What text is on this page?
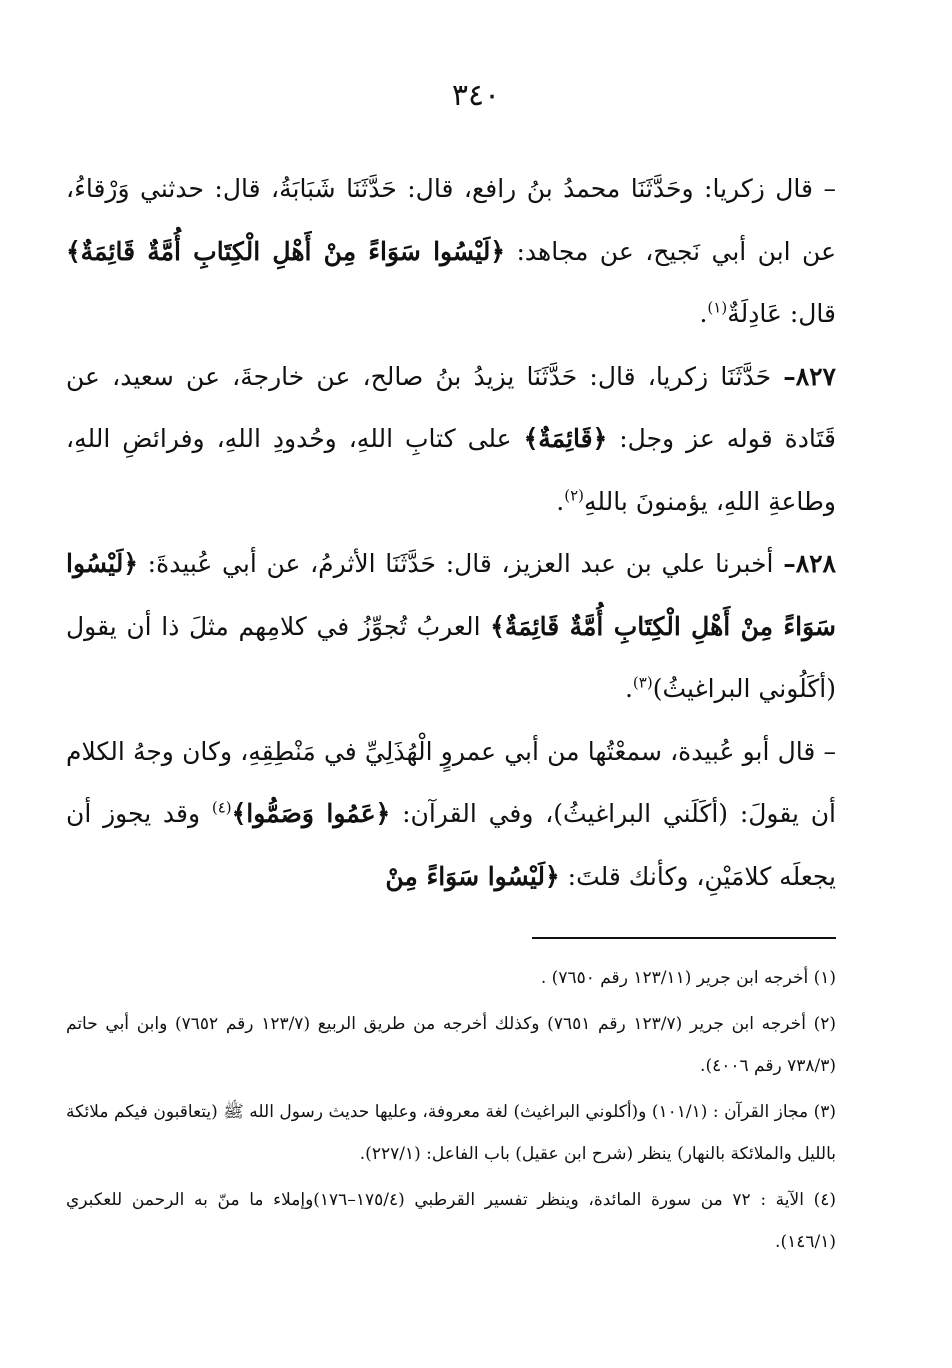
٣٤٠

– قال زكريا: وحَدَّثَنَا محمدُ بنُ رافع، قال: حَدَّثَنَا شَبَابَةُ، قال: حدثني وَرْقاءُ، عن ابن أبي نَجيح، عن مجاهد: ﴿لَيْسُوا سَوَاءً مِنْ أَهْلِ الْكِتَابِ أُمَّةٌ قَائِمَةٌ﴾ قال: عَادِلَةٌ$^{(١)}$.

٨٢٧– حَدَّثَنَا زكريا، قال: حَدَّثَنَا يزيدُ بنُ صالح، عن خارجةَ، عن سعيد، عن قَتَادة قوله عز وجل: ﴿قَائِمَةٌ﴾ على كتابِ اللهِ، وحُدودِ اللهِ، وفرائضِ اللهِ، وطاعةِ اللهِ، يؤمنونَ باللهِ$^{(٢)}$.

٨٢٨– أخبرنا علي بن عبد العزيز، قال: حَدَّثَنَا الأثرمُ، عن أبي عُبيدةَ: ﴿لَيْسُوا سَوَاءً مِنْ أَهْلِ الْكِتَابِ أُمَّةٌ قَائِمَةٌ﴾ العربُ تُجوِّزُ في كلامِهم مثلَ ذا أن يقول (أكَلُوني البراغيثُ)$^{(٣)}$.

– قال أبو عُبيدة، سمعْتُها من أبي عمروٍ الْهُذَلِيِّ في مَنْطِقِهِ، وكان وجهُ الكلام أن يقولَ: (أكَلَني البراغيثُ)، وفي القرآن: ﴿عَمُوا وَصَمُّوا﴾$^{(٤)}$ وقد يجوز أن يجعلَه كلامَيْنِ، وكأنك قلتَ: ﴿لَيْسُوا سَوَاءً مِنْ

(١) أخرجه ابن جرير (١٢٣/١١ رقم ٧٦٥٠) .

(٢) أخرجه ابن جرير (١٢٣/٧ رقم ٧٦٥١) وكذلك أخرجه من طريق الربيع (١٢٣/٧ رقم ٧٦٥٢) وابن أبي حاتم (٧٣٨/٣ رقم ٤٠٠٦).

(٣) مجاز القرآن : (١٠١/١) و(أكلوني البراغيث) لغة معروفة، وعليها حديث رسول الله ﷺ (يتعاقبون فيكم ملائكة بالليل والملائكة بالنهار) ينظر (شرح ابن عقيل) باب الفاعل: (٢٢٧/١).

(٤) الآية : ٧٢ من سورة المائدة، وينظر تفسير القرطبي (١٧٥/٤–١٧٦)وإملاء ما منّ به الرحمن للعكبري (١٤٦/١).
